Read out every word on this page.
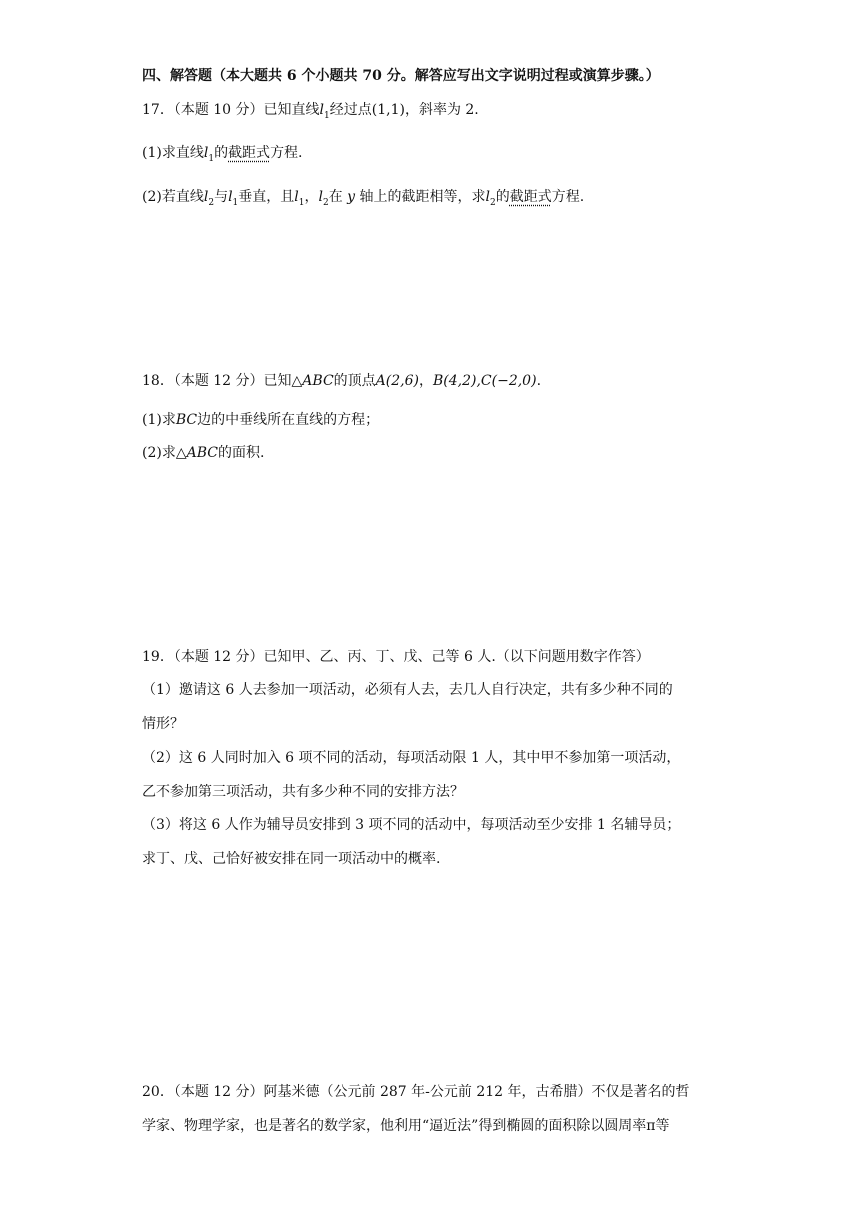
四、解答题（本大题共 6 个小题共 70 分。解答应写出文字说明过程或演算步骤。）
17．（本题 10 分）已知直线$l_1$经过点(1,1)，斜率为 2.
(1)求直线$l_1$的截距式方程.
(2)若直线$l_2$与$l_1$垂直，且$l_1$，$l_2$在 y 轴上的截距相等，求$l_2$的截距式方程.
18．（本题 12 分）已知△ABC的顶点A(2,6)，B(4,2),C(−2,0).
(1)求BC边的中垂线所在直线的方程；
(2)求△ABC的面积.
19．（本题 12 分）已知甲、乙、丙、丁、戊、己等 6 人.（以下问题用数字作答）
（1）邀请这 6 人去参加一项活动，必须有人去，去几人自行决定，共有多少种不同的
情形？
（2）这 6 人同时加入 6 项不同的活动，每项活动限 1 人，其中甲不参加第一项活动，
乙不参加第三项活动，共有多少种不同的安排方法？
（3）将这 6 人作为辅导员安排到 3 项不同的活动中，每项活动至少安排 1 名辅导员；
求丁、戊、己恰好被安排在同一项活动中的概率.
20．（本题 12 分）阿基米德（公元前 287 年-公元前 212 年，古希腊）不仅是著名的哲
学家、物理学家，也是著名的数学家，他利用“逼近法”得到椭圆的面积除以圆周率π等
